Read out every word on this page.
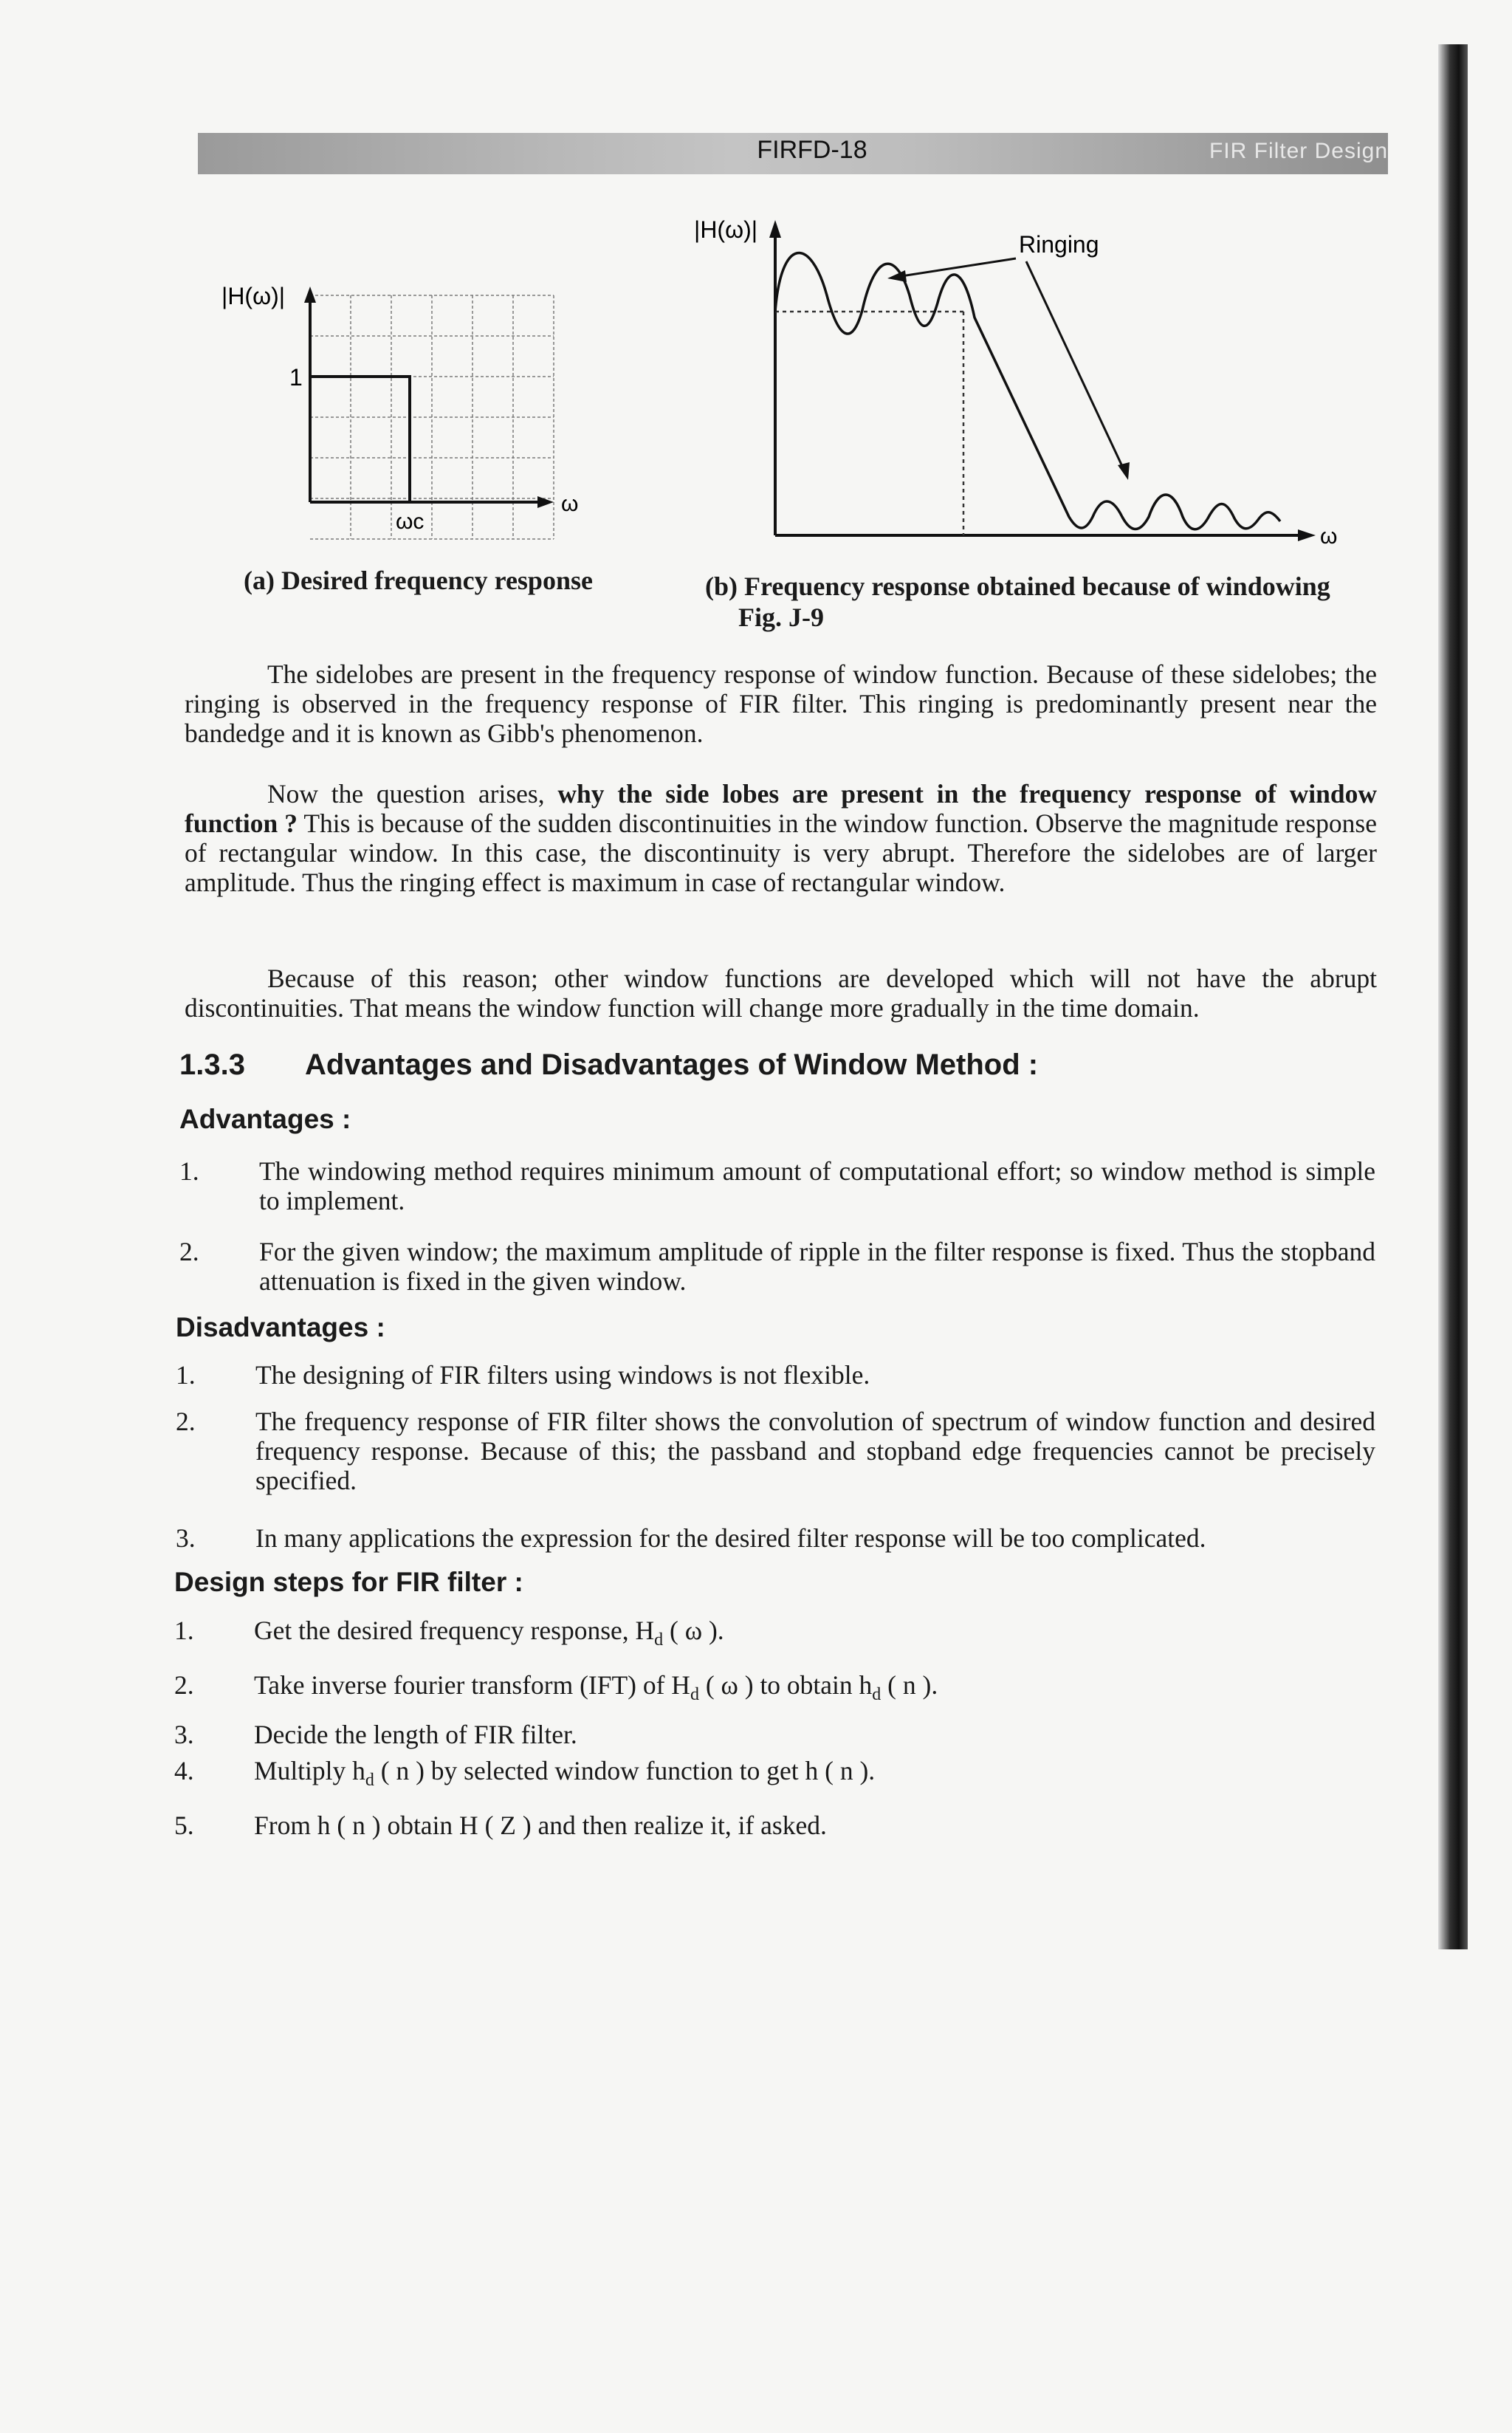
FIRFD-18	FIR Filter Design
|H(ω)|
1
ωc
ω
Ringing
|H(ω)|
ω
(a) Desired frequency response	(b) Frequency response obtained because of windowing
Fig. J-9
The sidelobes are present in the frequency response of window function. Because of these sidelobes; the ringing is observed in the frequency response of FIR filter. This ringing is predominantly present near the bandedge and it is known as Gibb's phenomenon.
Now the question arises, why the side lobes are present in the frequency response of window function ? This is because of the sudden discontinuities in the window function. Observe the magnitude response of rectangular window. In this case, the discontinuity is very abrupt. Therefore the sidelobes are of larger amplitude. Thus the ringing effect is maximum in case of rectangular window.
Because of this reason; other window functions are developed which will not have the abrupt discontinuities. That means the window function will change more gradually in the time domain.
1.3.3 Advantages and Disadvantages of Window Method :
Advantages :
1. The windowing method requires minimum amount of computational effort; so window method is simple to implement.
2. For the given window; the maximum amplitude of ripple in the filter response is fixed. Thus the stopband attenuation is fixed in the given window.
Disadvantages :
1. The designing of FIR filters using windows is not flexible.
2. The frequency response of FIR filter shows the convolution of spectrum of window function and desired frequency response. Because of this; the passband and stopband edge frequencies cannot be precisely specified.
3. In many applications the expression for the desired filter response will be too complicated.
Design steps for FIR filter :
1. Get the desired frequency response, $H_d$ ( ω ).
2. Take inverse fourier transform (IFT) of $H_d$ ( ω ) to obtain $h_d$ ( n ).
3. Decide the length of FIR filter.
4. Multiply $h_d$ ( n ) by selected window function to get h ( n ).
5. From h ( n ) obtain H ( Z ) and then realize it, if asked.
